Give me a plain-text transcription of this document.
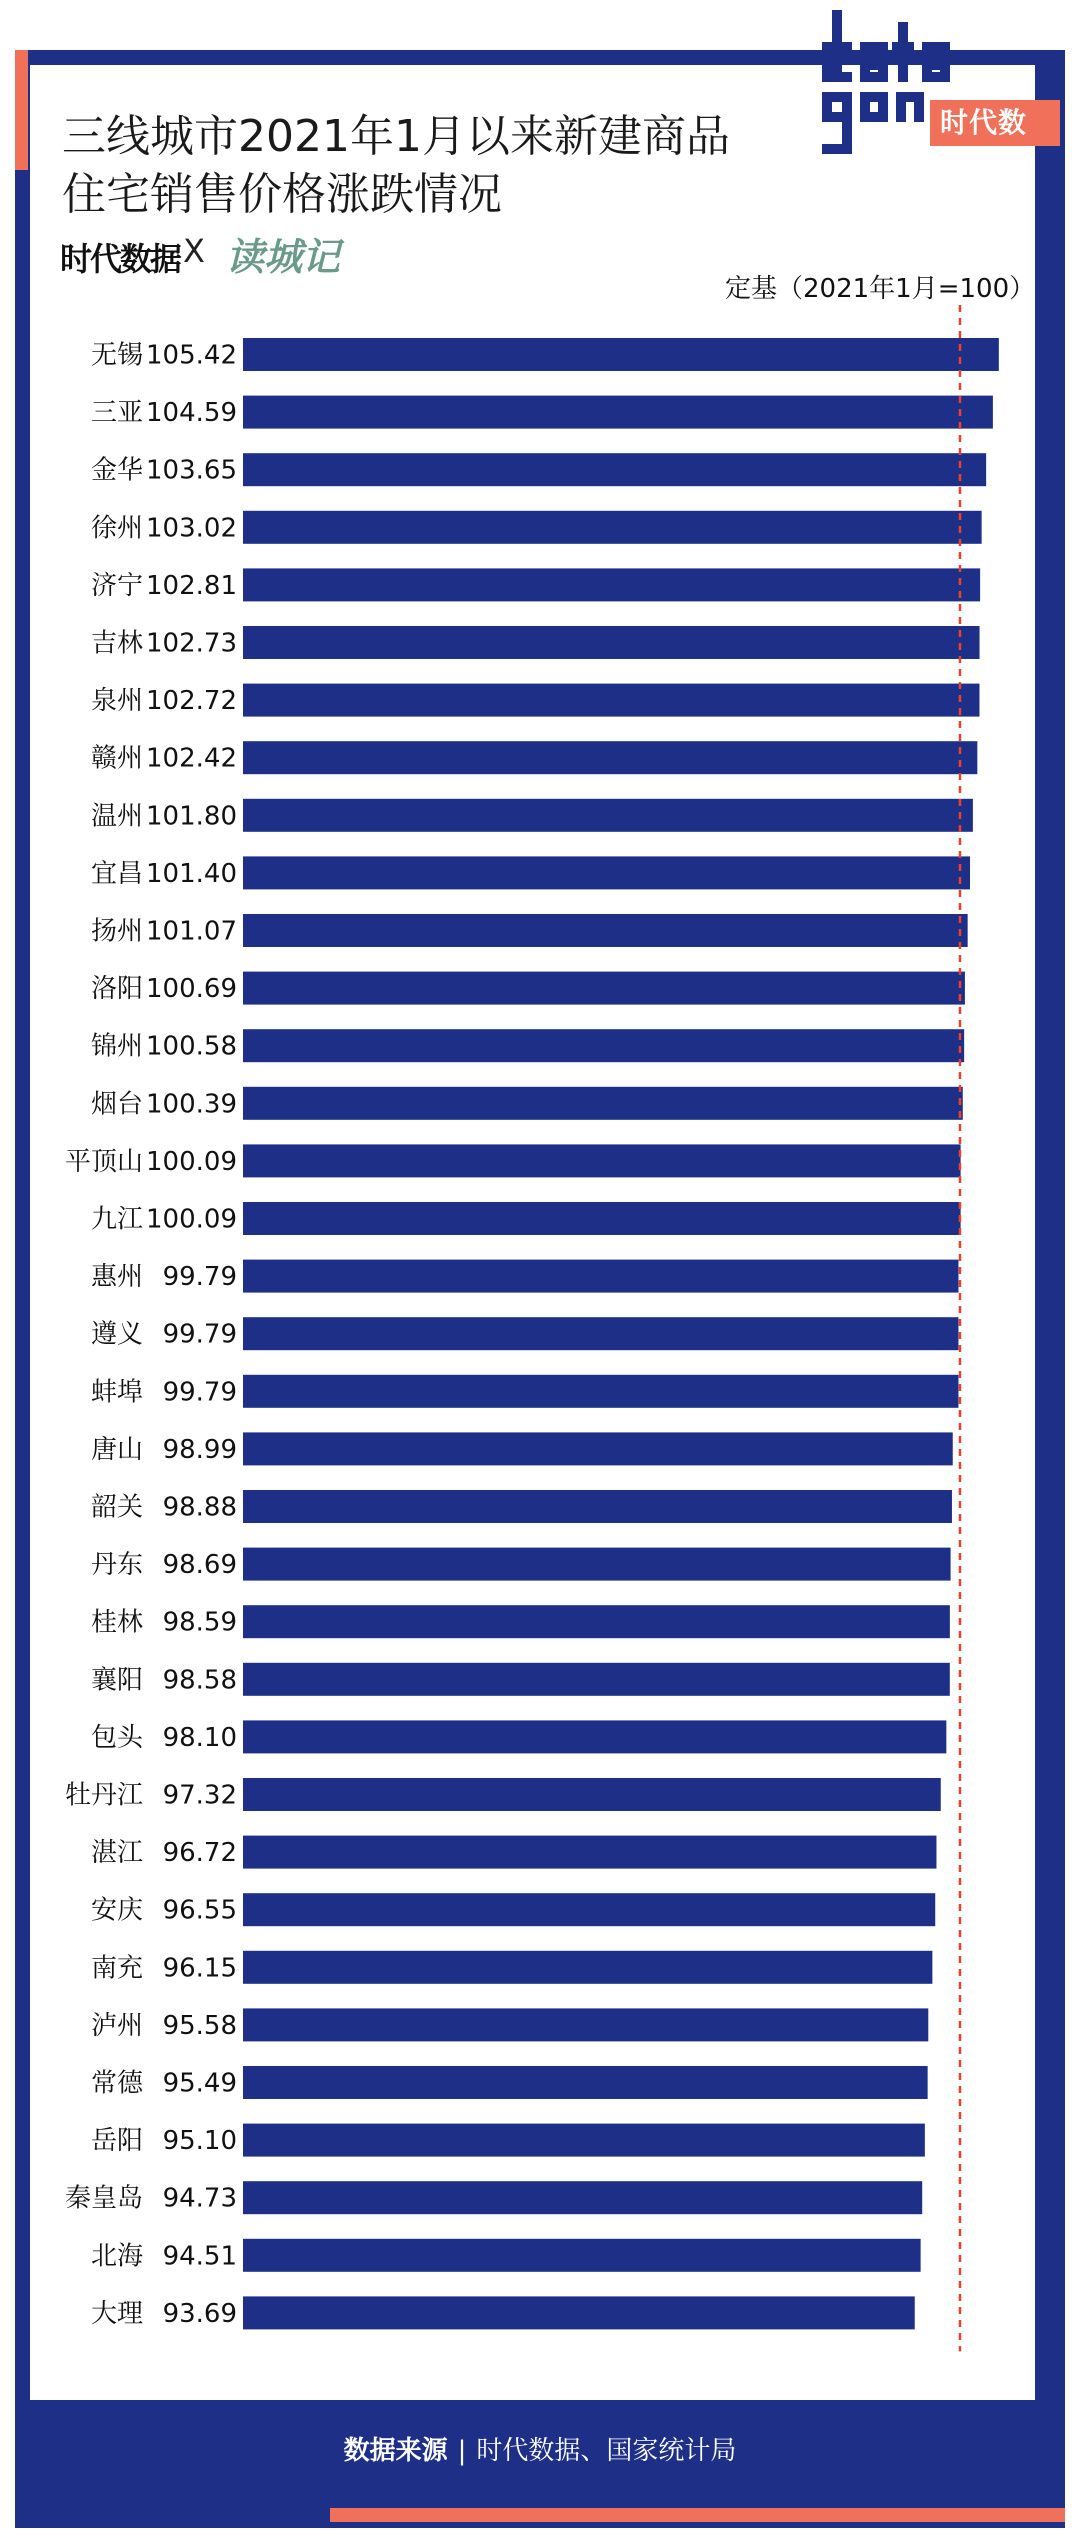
三线城市2021年1月以来新建商品
住宅销售价格涨跌情况
时代数据 X 读城记
时代数据
定基（2021年1月=100）
无锡 105.42
三亚 104.59
金华 103.65
徐州 103.02
济宁 102.81
吉林 102.73
泉州 102.72
赣州 102.42
温州 101.80
宜昌 101.40
扬州 101.07
洛阳 100.69
锦州 100.58
烟台 100.39
平顶山 100.09
九江 100.09
惠州 99.79
遵义 99.79
蚌埠 99.79
唐山 98.99
韶关 98.88
丹东 98.69
桂林 98.59
襄阳 98.58
包头 98.10
牡丹江 97.32
湛江 96.72
安庆 96.55
南充 96.15
泸州 95.58
常德 95.49
岳阳 95.10
秦皇岛 94.73
北海 94.51
大理 93.69
数据来源 | 时代数据、国家统计局
